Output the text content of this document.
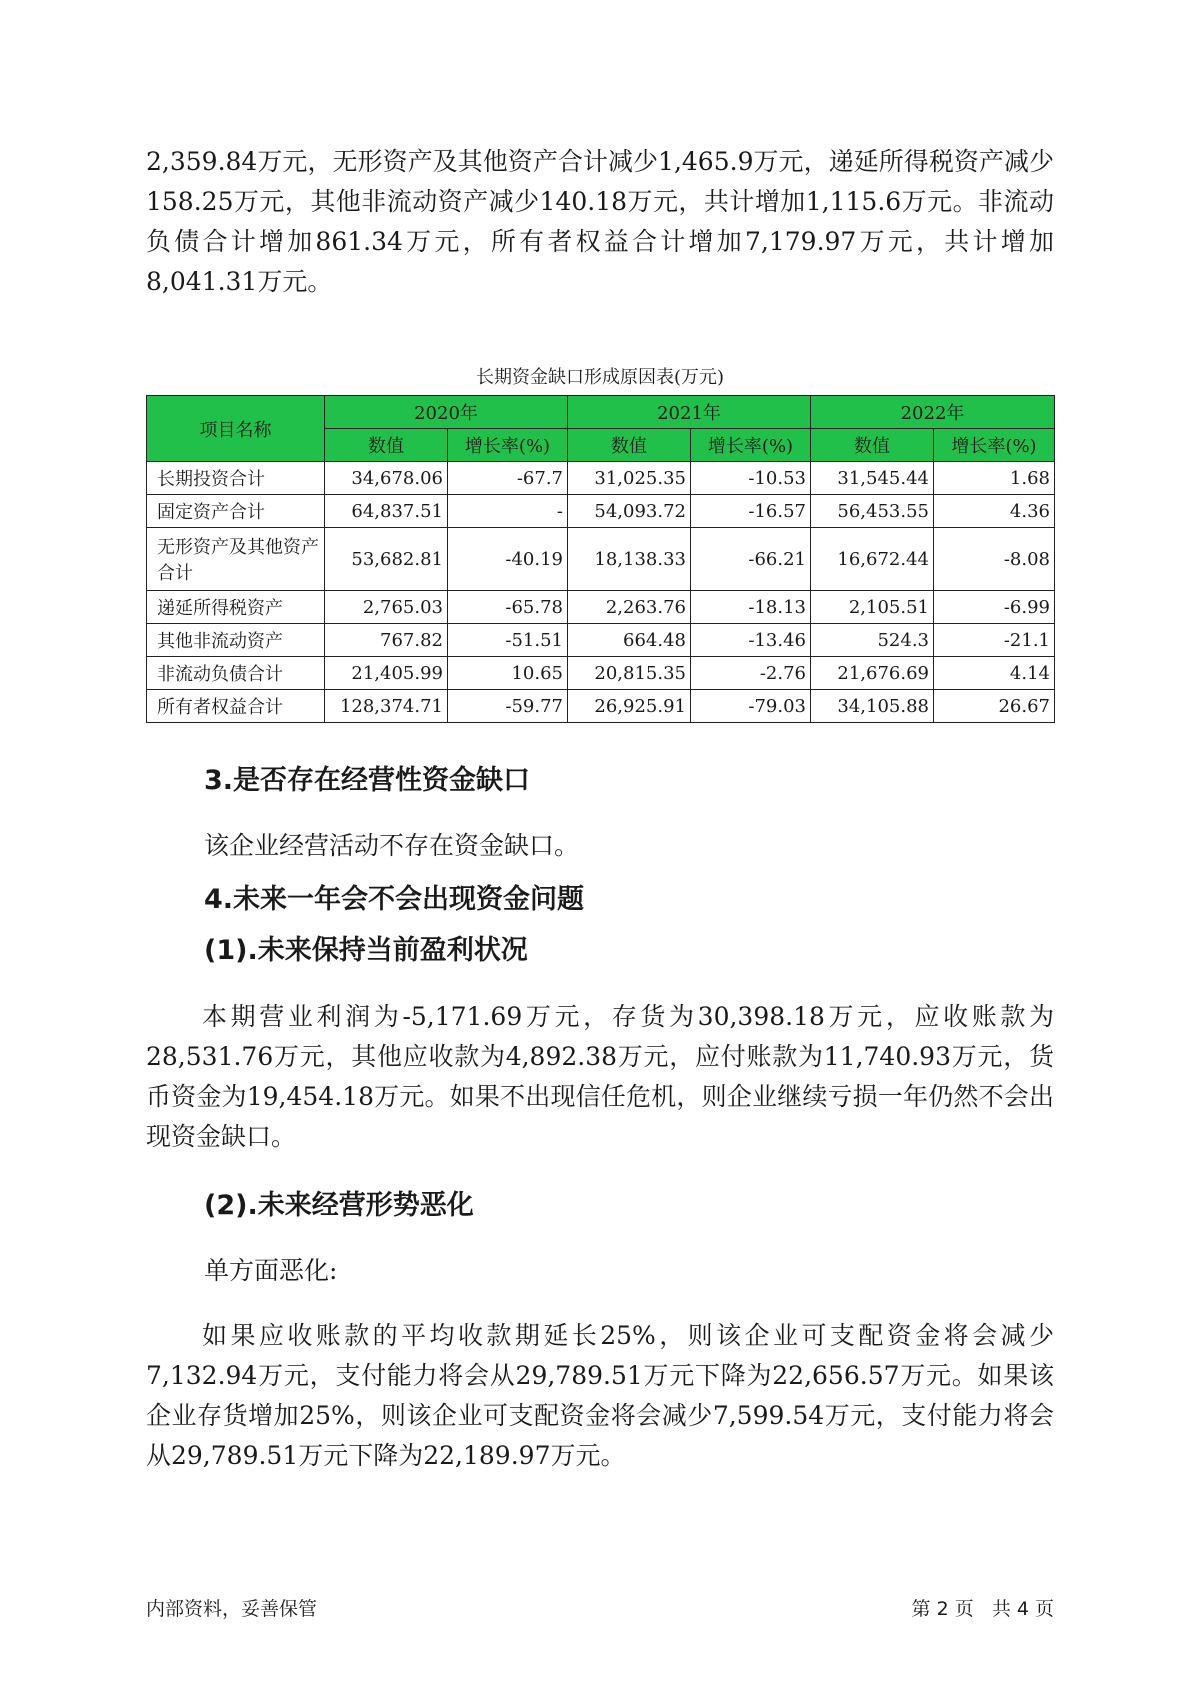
2,359.84万元，无形资产及其他资产合计减少1,465.9万元，递延所得税资产减少158.25万元，其他非流动资产减少140.18万元，共计增加1,115.6万元。非流动负债合计增加861.34万元，所有者权益合计增加7,179.97万元，共计增加8,041.31万元。

长期资金缺口形成原因表(万元)
项目名称	2020年		2021年		2022年	
	数值	增长率(%)	数值	增长率(%)	数值	增长率(%)
长期投资合计	34,678.06	-67.7	31,025.35	-10.53	31,545.44	1.68
固定资产合计	64,837.51	-	54,093.72	-16.57	56,453.55	4.36
无形资产及其他资产合计	53,682.81	-40.19	18,138.33	-66.21	16,672.44	-8.08
递延所得税资产	2,765.03	-65.78	2,263.76	-18.13	2,105.51	-6.99
其他非流动资产	767.82	-51.51	664.48	-13.46	524.3	-21.1
非流动负债合计	21,405.99	10.65	20,815.35	-2.76	21,676.69	4.14
所有者权益合计	128,374.71	-59.77	26,925.91	-79.03	34,105.88	26.67
3.是否存在经营性资金缺口

该企业经营活动不存在资金缺口。

4.未来一年会不会出现资金问题
(1).未来保持当前盈利状况

本期营业利润为-5,171.69万元，存货为30,398.18万元，应收账款为28,531.76万元，其他应收款为4,892.38万元，应付账款为11,740.93万元，货币资金为19,454.18万元。如果不出现信任危机，则企业继续亏损一年仍然不会出现资金缺口。

(2).未来经营形势恶化

单方面恶化:

如果应收账款的平均收款期延长25%，则该企业可支配资金将会减少7,132.94万元，支付能力将会从29,789.51万元下降为22,656.57万元。如果该企业存货增加25%，则该企业可支配资金将会减少7,599.54万元，支付能力将会从29,789.51万元下降为22,189.97万元。

内部资料，妥善保管	第 2 页   共 4 页
